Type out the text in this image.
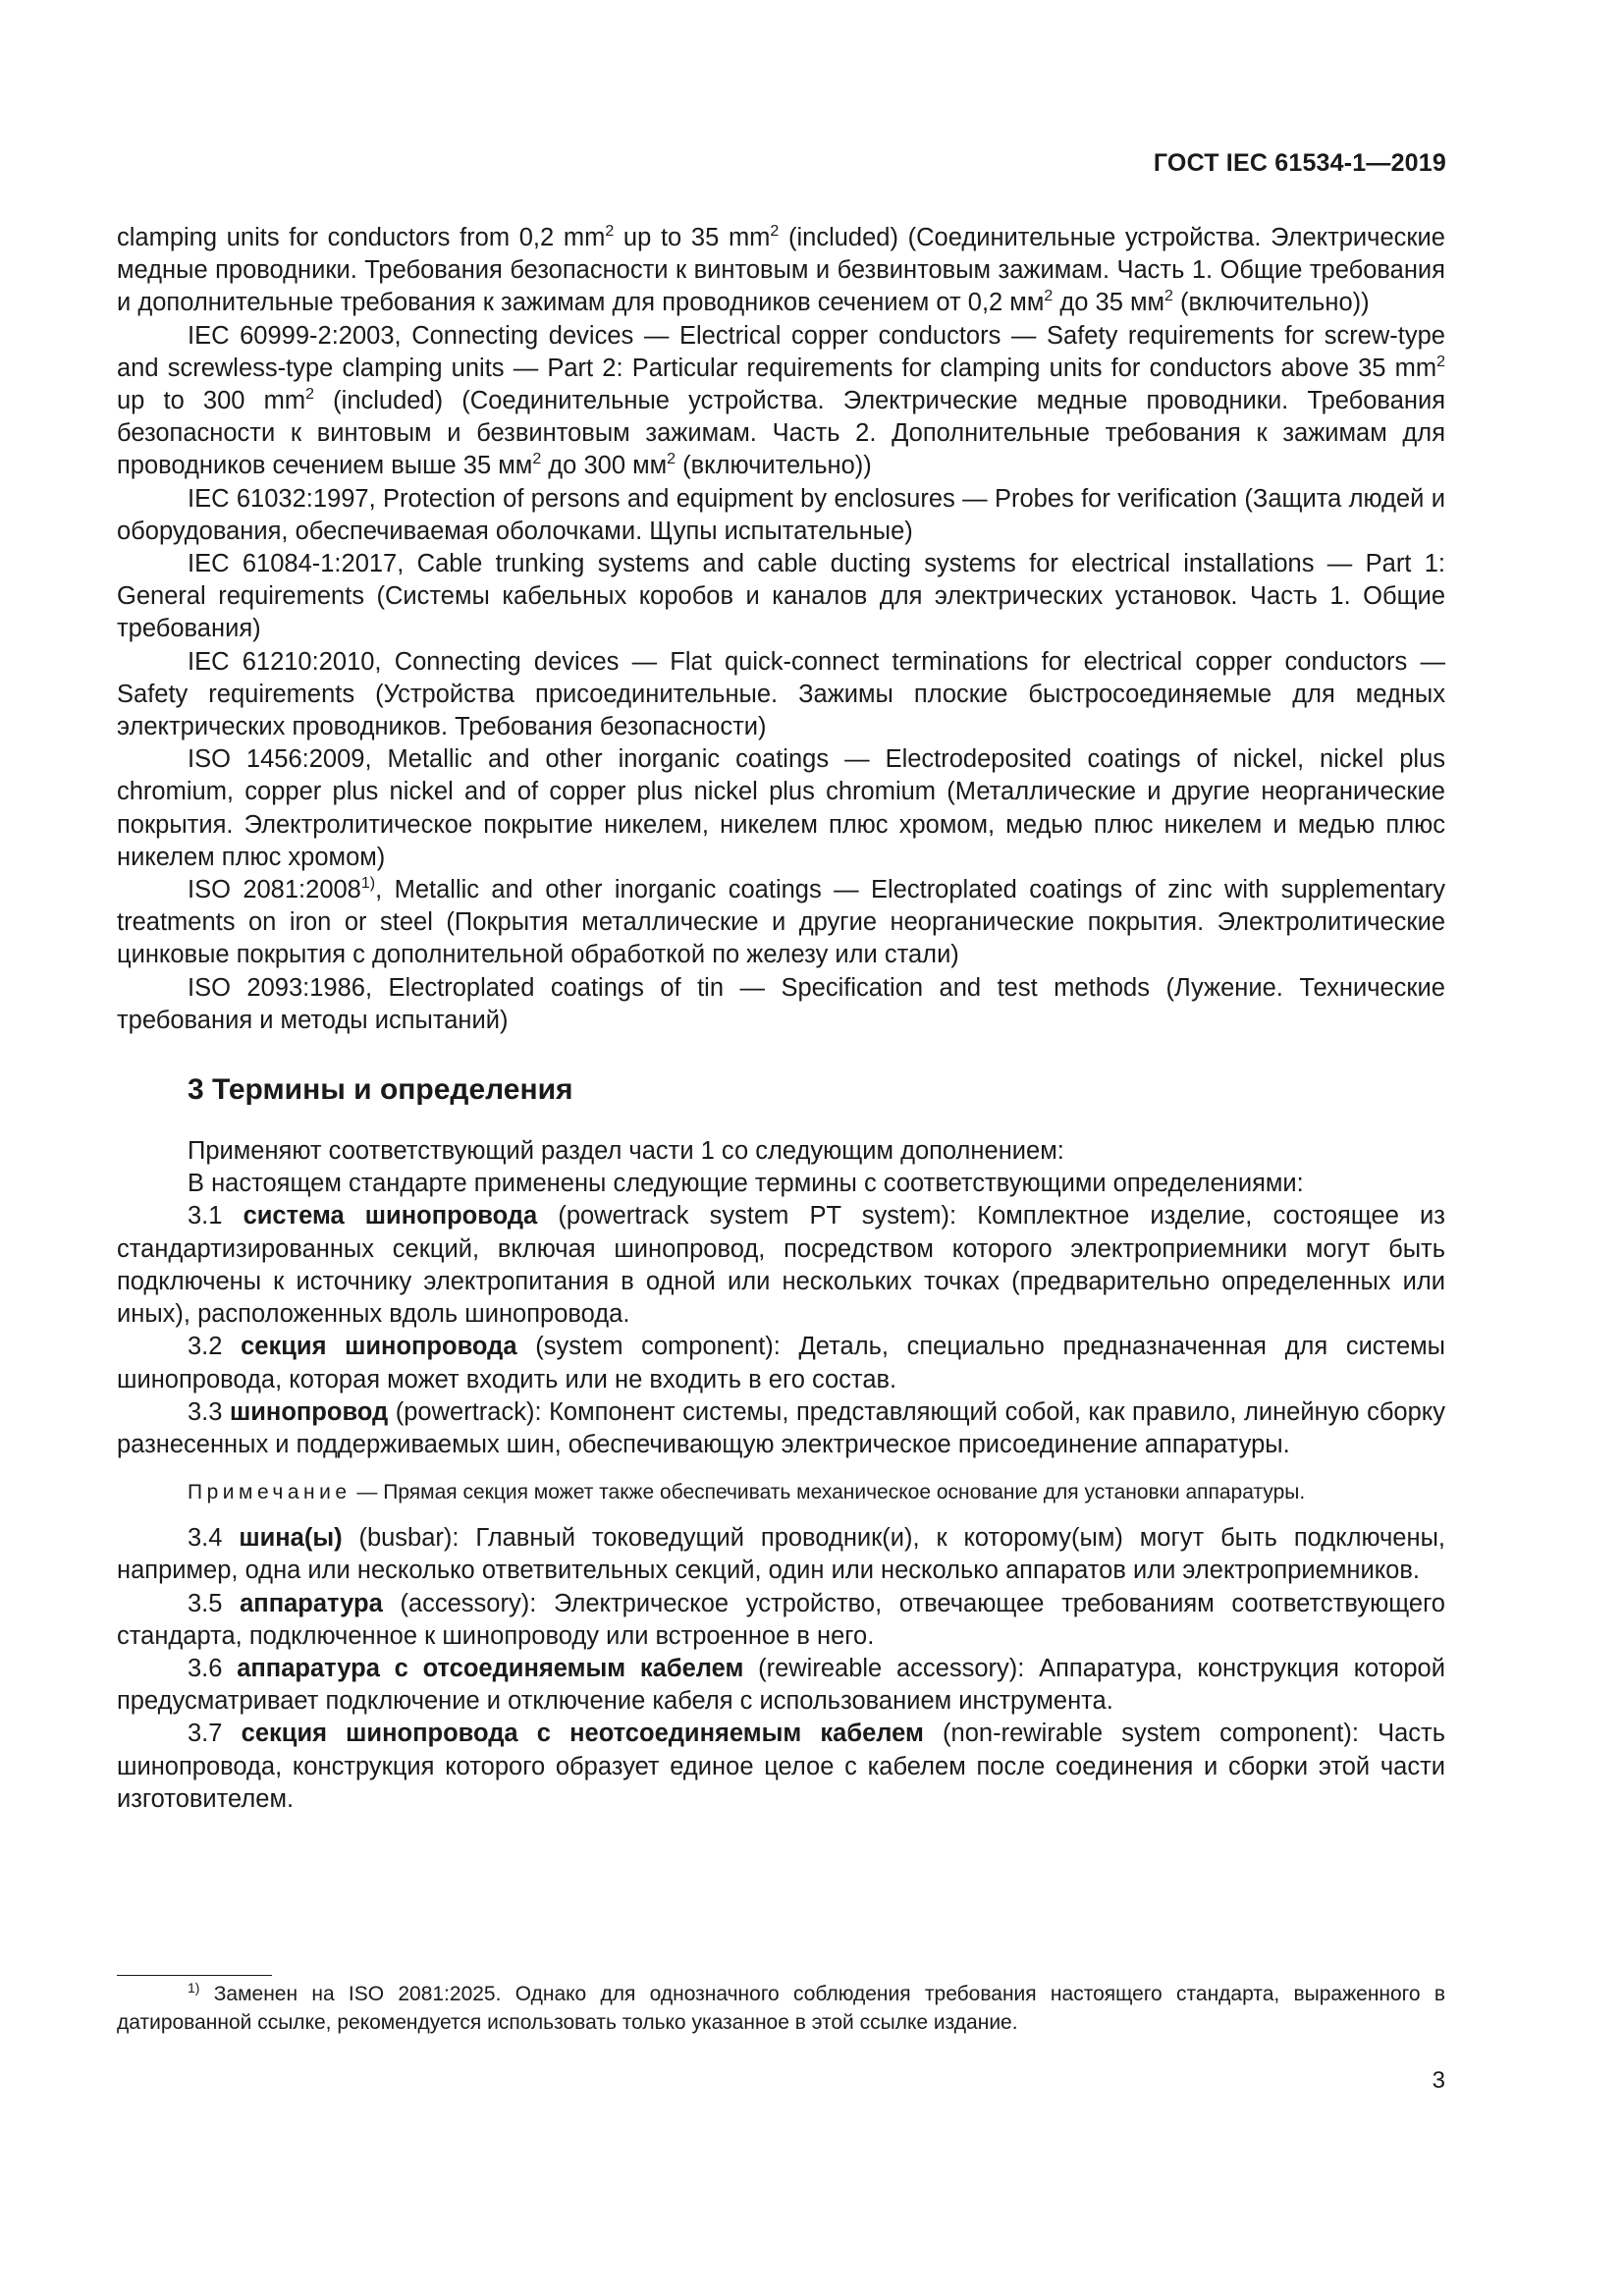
ГОСТ IEC 61534-1—2019

clamping units for conductors from 0,2 $mm^2$ up to 35 $mm^2$ (included) (Соединительные устройства. Электрические медные проводники. Требования безопасности к винтовым и безвинтовым зажимам. Часть 1. Общие требования и дополнительные требования к зажимам для проводников сечением от 0,2 $мм^2$ до 35 $мм^2$ (включительно))

IEC 60999-2:2003, Connecting devices — Electrical copper conductors — Safety requirements for screw-type and screwless-type clamping units — Part 2: Particular requirements for clamping units for conductors above 35 $mm^2$ up to 300 $mm^2$ (included) (Соединительные устройства. Электрические медные проводники. Требования безопасности к винтовым и безвинтовым зажимам. Часть 2. Дополнительные требования к зажимам для проводников сечением выше 35 $мм^2$ до 300 $мм^2$ (включительно))

IEC 61032:1997, Protection of persons and equipment by enclosures — Probes for verification (Защита людей и оборудования, обеспечиваемая оболочками. Щупы испытательные)

IEC 61084-1:2017, Cable trunking systems and cable ducting systems for electrical installations — Part 1: General requirements (Системы кабельных коробов и каналов для электрических установок. Часть 1. Общие требования)

IEC 61210:2010, Connecting devices — Flat quick-connect terminations for electrical copper conductors — Safety requirements (Устройства присоединительные. Зажимы плоские быстросоединяемые для медных электрических проводников. Требования безопасности)

ISO 1456:2009, Metallic and other inorganic coatings — Electrodeposited coatings of nickel, nickel plus chromium, copper plus nickel and of copper plus nickel plus chromium (Металлические и другие неорганические покрытия. Электролитическое покрытие никелем, никелем плюс хромом, медью плюс никелем и медью плюс никелем плюс хромом)

ISO 2081:2008$^{1)}$, Metallic and other inorganic coatings — Electroplated coatings of zinc with supplementary treatments on iron or steel (Покрытия металлические и другие неорганические покрытия. Электролитические цинковые покрытия с дополнительной обработкой по железу или стали)

ISO 2093:1986, Electroplated coatings of tin — Specification and test methods (Лужение. Технические требования и методы испытаний)

3 Термины и определения

Применяют соответствующий раздел части 1 со следующим дополнением:

В настоящем стандарте применены следующие термины с соответствующими определениями:

3.1 система шинопровода (powertrack system PT system): Комплектное изделие, состоящее из стандартизированных секций, включая шинопровод, посредством которого электроприемники могут быть подключены к источнику электропитания в одной или нескольких точках (предварительно определенных или иных), расположенных вдоль шинопровода.

3.2 секция шинопровода (system component): Деталь, специально предназначенная для системы шинопровода, которая может входить или не входить в его состав.

3.3 шинопровод (powertrack): Компонент системы, представляющий собой, как правило, линейную сборку разнесенных и поддерживаемых шин, обеспечивающую электрическое присоединение аппаратуры.

Примечание — Прямая секция может также обеспечивать механическое основание для установки аппаратуры.

3.4 шина(ы) (busbar): Главный токоведущий проводник(и), к которому(ым) могут быть подключены, например, одна или несколько ответвительных секций, один или несколько аппаратов или электроприемников.

3.5 аппаратура (accessory): Электрическое устройство, отвечающее требованиям соответствующего стандарта, подключенное к шинопроводу или встроенное в него.

3.6 аппаратура с отсоединяемым кабелем (rewireable accessory): Аппаратура, конструкция которой предусматривает подключение и отключение кабеля с использованием инструмента.

3.7 секция шинопровода с неотсоединяемым кабелем (non-rewirable system component): Часть шинопровода, конструкция которого образует единое целое с кабелем после соединения и сборки этой части изготовителем.

$^{1)}$ Заменен на ISO 2081:2025. Однако для однозначного соблюдения требования настоящего стандарта, выраженного в датированной ссылке, рекомендуется использовать только указанное в этой ссылке издание.
3
